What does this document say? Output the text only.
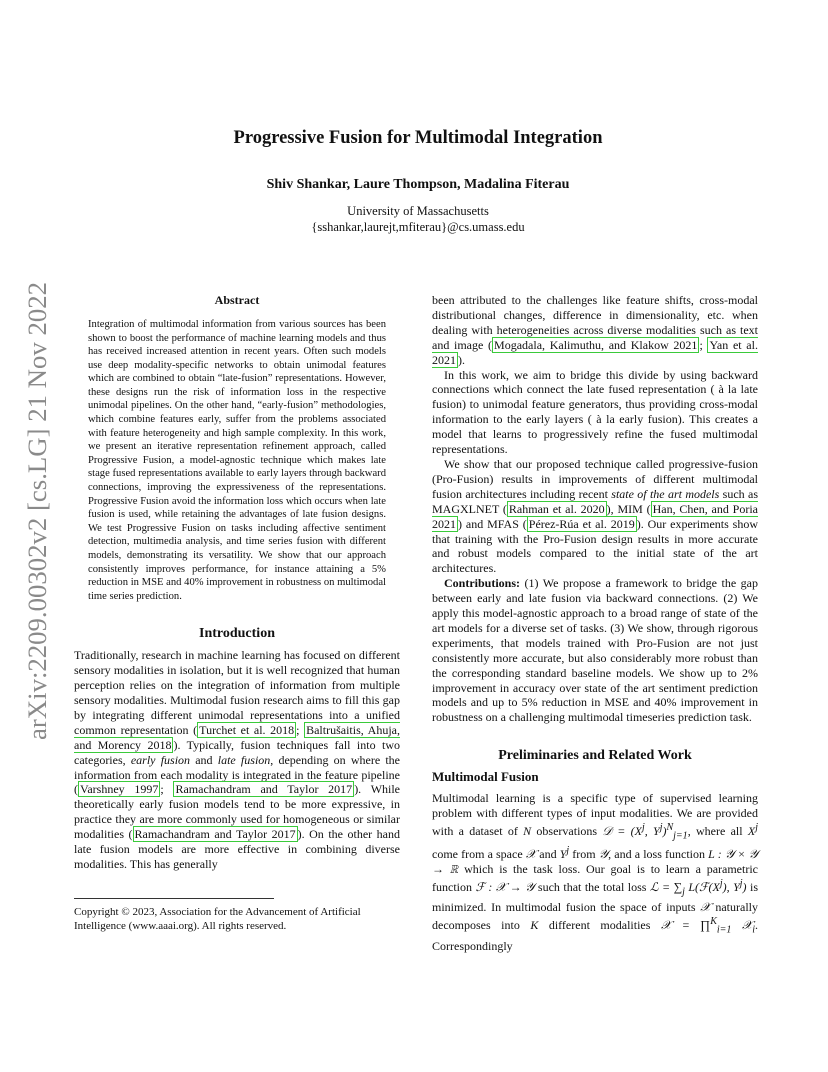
arXiv:2209.00302v2 [cs.LG] 21 Nov 2022
Progressive Fusion for Multimodal Integration
Shiv Shankar, Laure Thompson, Madalina Fiterau
University of Massachusetts
{sshankar,laurejt,mfiterau}@cs.umass.edu
Abstract

Integration of multimodal information from various sources has been shown to boost the performance of machine learning models and thus has received increased attention in recent years. Often such models use deep modality-specific networks to obtain unimodal features which are combined to obtain “late-fusion” representations. However, these designs run the risk of information loss in the respective unimodal pipelines. On the other hand, “early-fusion” methodologies, which combine features early, suffer from the problems associated with feature heterogeneity and high sample complexity. In this work, we present an iterative representation refinement approach, called Progressive Fusion, a model-agnostic technique which makes late stage fused representations available to early layers through backward connections, improving the expressiveness of the representations. Progressive Fusion avoid the information loss which occurs when late fusion is used, while retaining the advantages of late fusion designs. We test Progressive Fusion on tasks including affective sentiment detection, multimedia analysis, and time series fusion with different models, demonstrating its versatility. We show that our approach consistently improves performance, for instance attaining a 5% reduction in MSE and 40% improvement in robustness on multimodal time series prediction.

Introduction

Traditionally, research in machine learning has focused on different sensory modalities in isolation, but it is well recognized that human perception relies on the integration of information from multiple sensory modalities. Multimodal fusion research aims to fill this gap by integrating different unimodal representations into a unified common representation ( Turchet et al. 2018 ; Baltrušaitis, Ahuja, and Morency 2018 ). Typically, fusion techniques fall into two categories, early fusion and late fusion, depending on where the information from each modality is integrated in the feature pipeline ( Varshney 1997 ; Ramachandram and Taylor 2017 ). While theoretically early fusion models tend to be more expressive, in practice they are more commonly used for homogeneous or similar modalities ( Ramachandram and Taylor 2017 ). On the other hand late fusion models are more effective in combining diverse modalities. This has generally

Copyright © 2023, Association for the Advancement of Artificial Intelligence (www.aaai.org). All rights reserved.

been attributed to the challenges like feature shifts, cross-modal distributional changes, difference in dimensionality, etc. when dealing with heterogeneities across diverse modalities such as text and image ( Mogadala, Kalimuthu, and Klakow 2021 ; Yan et al. 2021 ).

In this work, we aim to bridge this divide by using backward connections which connect the late fused representation ( à la late fusion) to unimodal feature generators, thus providing cross-modal information to the early layers ( à la early fusion). This creates a model that learns to progressively refine the fused multimodal representations.

We show that our proposed technique called progressive-fusion (Pro-Fusion) results in improvements of different multimodal fusion architectures including recent state of the art models such as MAGXLNET ( Rahman et al. 2020 ), MIM ( Han, Chen, and Poria 2021 ) and MFAS ( Pérez-Rúa et al. 2019 ). Our experiments show that training with the Pro-Fusion design results in more accurate and robust models compared to the initial state of the art architectures.

Contributions: (1) We propose a framework to bridge the gap between early and late fusion via backward connections. (2) We apply this model-agnostic approach to a broad range of state of the art models for a diverse set of tasks. (3) We show, through rigorous experiments, that models trained with Pro-Fusion are not just consistently more accurate, but also considerably more robust than the corresponding standard baseline models. We show up to 2% improvement in accuracy over state of the art sentiment prediction models and up to 5% reduction in MSE and 40% improvement in robustness on a challenging multimodal timeseries prediction task.

Preliminaries and Related Work
Multimodal Fusion

Multimodal learning is a specific type of supervised learning problem with different types of input modalities. We are provided with a dataset of N observations 𝒟 = ($X^j$, $Y^j)^N_{j=1}$, where all $X^j$ come from a space 𝒳 and $Y^j$ from 𝒴, and a loss function L : 𝒴 × 𝒴 → ℝ which is the task loss. Our goal is to learn a parametric function ℱ : 𝒳 → 𝒴 such that the total loss ℒ = $\sum_j$ $L(ℱ(X^j)$, $Y^j$) is minimized. In multimodal fusion the space of inputs 𝒳 naturally decomposes into K different modalities 𝒳 = ∏$^K_{i=1}$ 𝒳$_i$. Correspondingly
